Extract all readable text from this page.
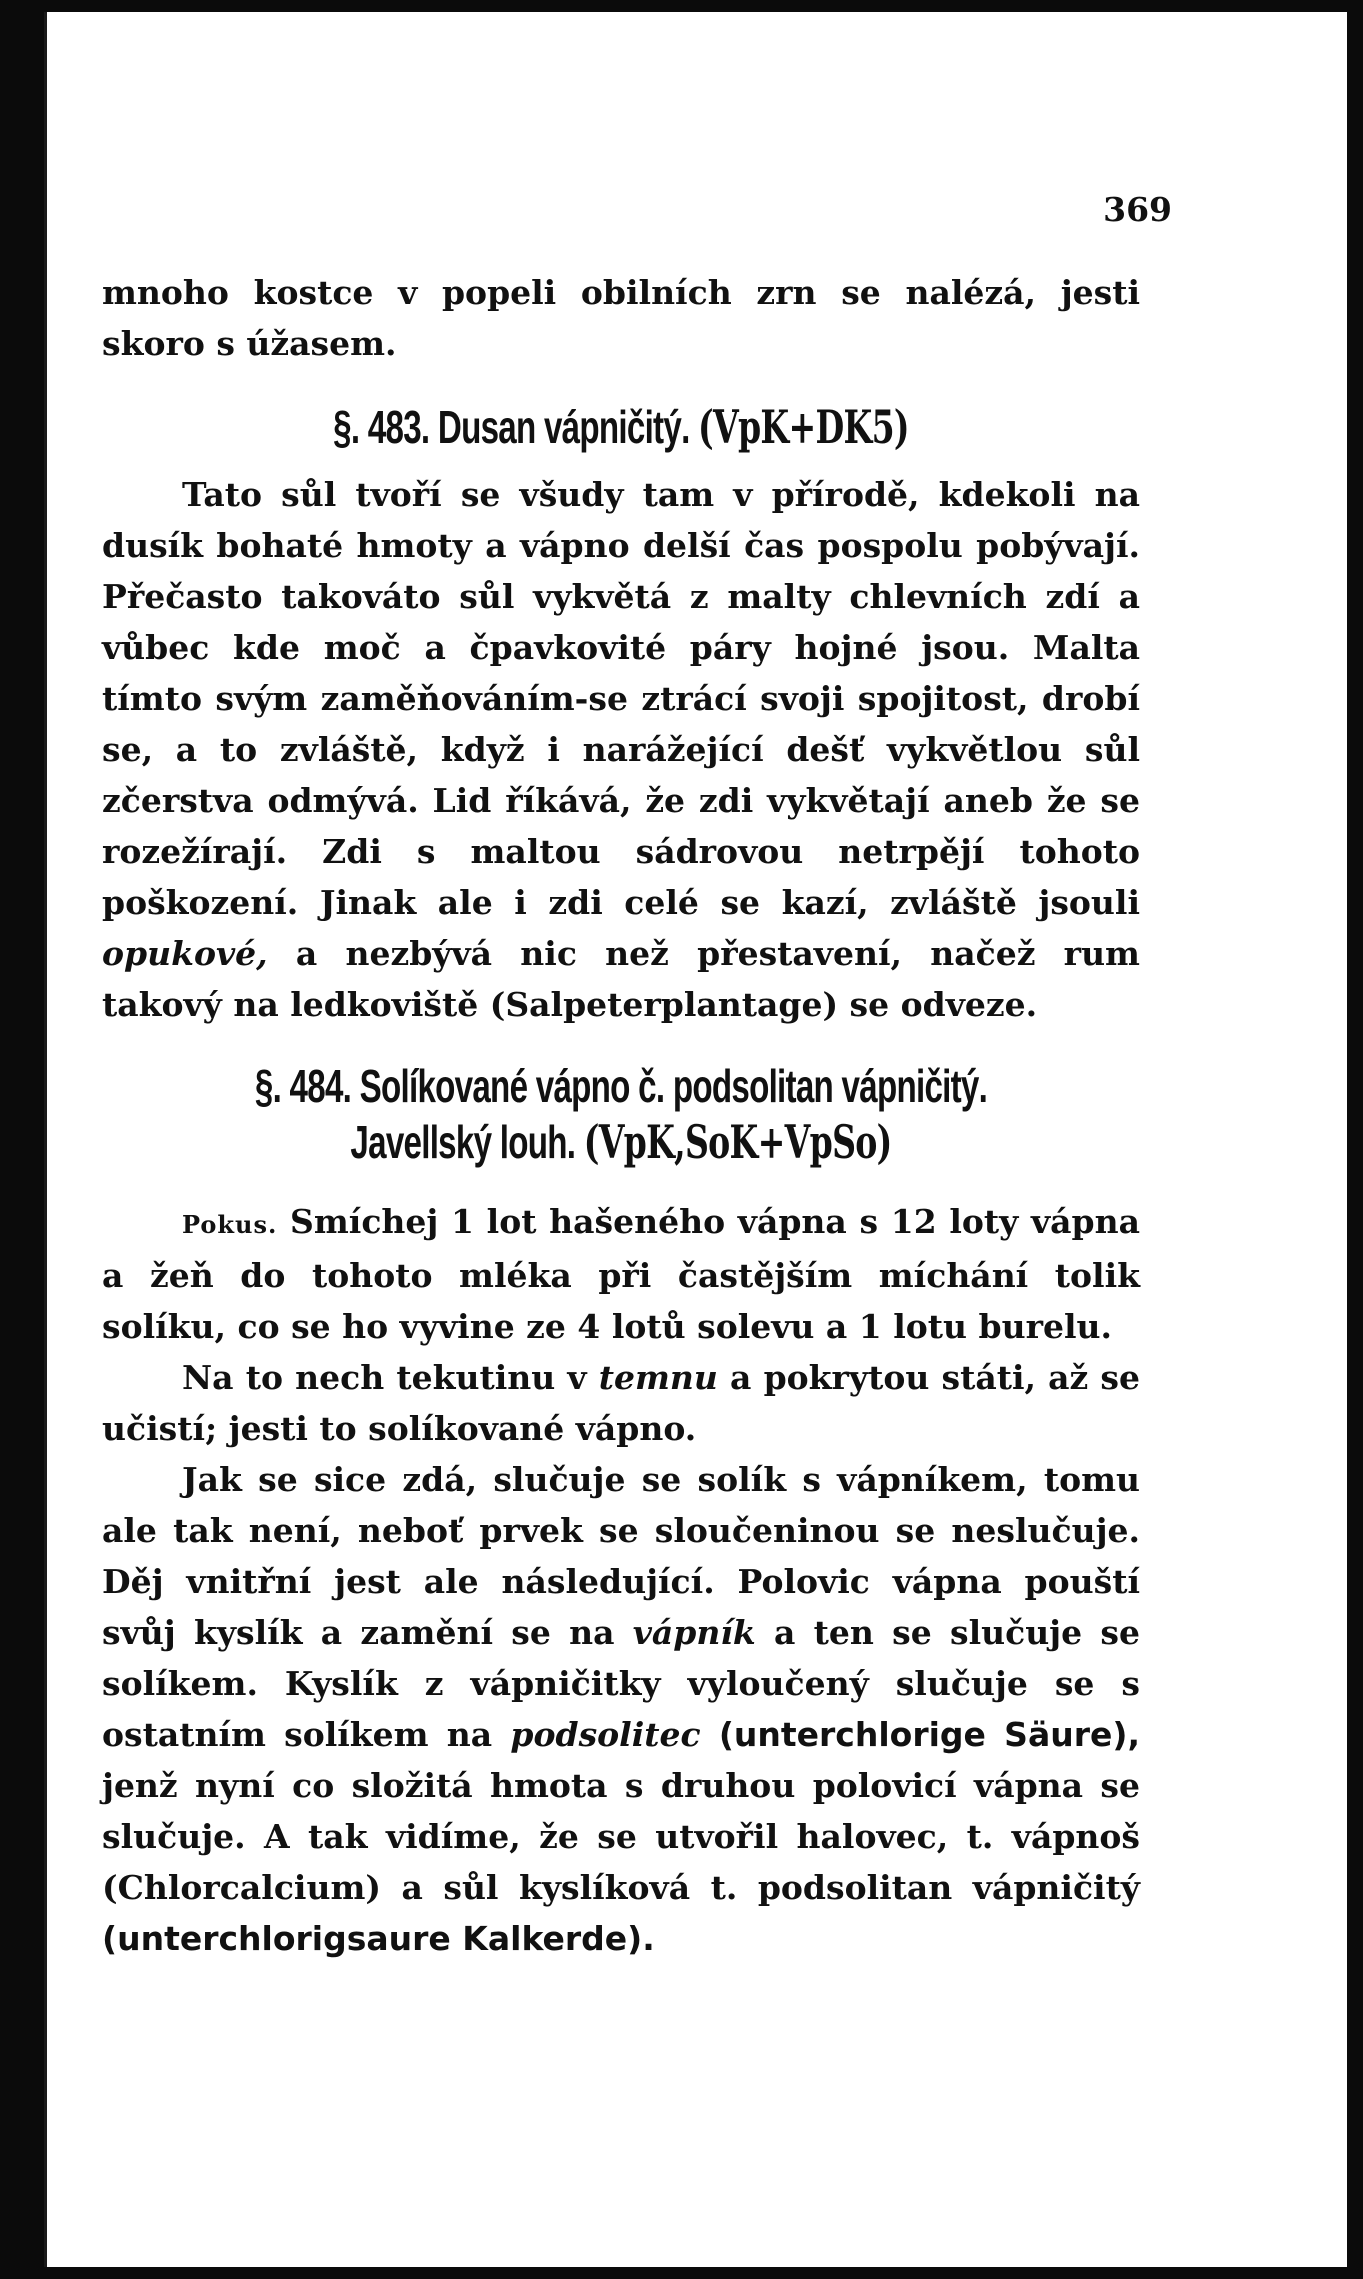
369

mnoho kostce v popeli obilních zrn se nalézá, jesti skoro s úžasem.

§. 483. Dusan vápničitý. (VpK+DK5)

Tato sůl tvoří se všudy tam v přírodě, kdekoli na dusík bohaté hmoty a vápno delší čas pospolu pobývají. Přečasto takováto sůl vykvětá z malty chlevních zdí a vůbec kde moč a čpavkovité páry hojné jsou. Malta tímto svým zaměňováním-se ztrácí svoji spojitost, drobí se, a to zvláště, když i narážející dešť vykvětlou sůl zčerstva odmývá. Lid říkává, že zdi vykvětají aneb že se rozežírají. Zdi s maltou sádrovou netrpějí tohoto poškození. Jinak ale i zdi celé se kazí, zvláště jsouli opukové, a nezbývá nic než přestavení, načež rum takový na ledkoviště (Salpeterplantage) se odveze.

§. 484. Solíkované vápno č. podsolitan vápničitý.
Javellský louh. (VpK,SoK+VpSo)

Pokus. Smíchej 1 lot hašeného vápna s 12 loty vápna a žeň do tohoto mléka při častějším míchání tolik solíku, co se ho vyvine ze 4 lotů solevu a 1 lotu burelu.

Na to nech tekutinu v temnu a pokrytou státi, až se učistí; jesti to solíkované vápno.

Jak se sice zdá, slučuje se solík s vápníkem, tomu ale tak není, neboť prvek se sloučeninou se neslučuje. Děj vnitřní jest ale následující. Polovic vápna pouští svůj kyslík a zamění se na vápník a ten se slučuje se solíkem. Kyslík z vápničitky vyloučený slučuje se s ostatním solíkem na podsolitec (unterchlorige Säure), jenž nyní co složitá hmota s druhou polovicí vápna se slučuje. A tak vidíme, že se utvořil halovec, t. vápnoš (Chlorcalcium) a sůl kyslíková t. podsolitan vápničitý (unterchlorigsaure Kalkerde).
